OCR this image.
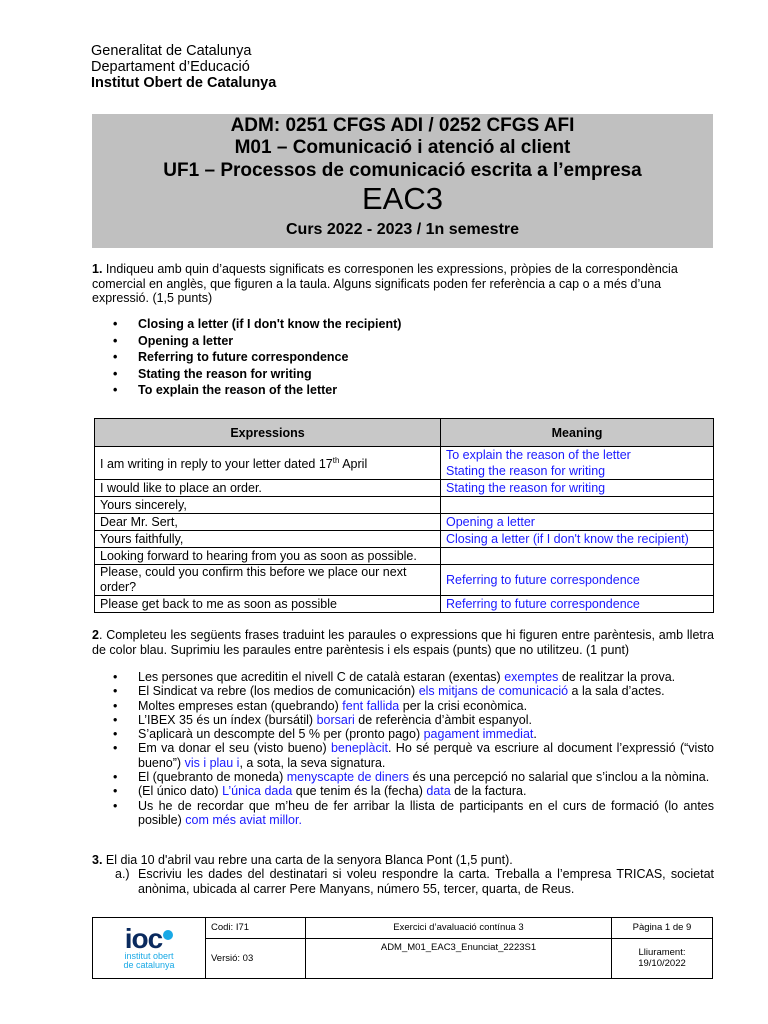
Generalitat de Catalunya
Departament d’Educació
Institut Obert de Catalunya
ADM: 0251 CFGS ADI / 0252 CFGS AFI
M01 – Comunicació i atenció al client
UF1 – Processos de comunicació escrita a l’empresa
EAC3
Curs 2022 - 2023 / 1n semestre
1. Indiqueu amb quin d’aquests significats es corresponen les expressions, pròpies de la correspondència comercial en anglès, que figuren a la taula. Alguns significats poden fer referència a cap o a més d’una expressió. (1,5 punts)
• Closing a letter (if I don't know the recipient)
• Opening a letter
• Referring to future correspondence
• Stating the reason for writing
• To explain the reason of the letter
Expressions	Meaning
I am writing in reply to your letter dated 17th April	To explain the reason of the letter
Stating the reason for writing

I would like to place an order.	Stating the reason for writing
Yours sincerely,	
Dear Mr. Sert,	Opening a letter
Yours faithfully,	Closing a letter (if I don't know the recipient)
Looking forward to hearing from you as soon as possible.	
Please, could you confirm this before we place our next order?	Referring to future correspondence
Please get back to me as soon as possible	Referring to future correspondence
2. Completeu les següents frases traduint les paraules o expressions que hi figuren entre parèntesis, amb lletra de color blau. Suprimiu les paraules entre parèntesis i els espais (punts) que no utilitzeu. (1 punt)
• Les persones que acreditin el nivell C de català estaran (exentas) exemptes de realitzar la prova.
• El Sindicat va rebre (los medios de comunicación) els mitjans de comunicació a la sala d’actes.
• Moltes empreses estan (quebrando) fent fallida per la crisi econòmica.
• L’IBEX 35 és un índex (bursátil) borsari de referència d’àmbit espanyol.
• S’aplicarà un descompte del 5 % per (pronto pago) pagament immediat.
• Em va donar el seu (visto bueno) beneplàcit. Ho sé perquè va escriure al document l’expressió (“visto bueno”) vis i plau i, a sota, la seva signatura.
• El (quebranto de moneda) menyscapte de diners és una percepció no salarial que s’inclou a la nòmina.
• (El único dato) L’única dada que tenim és la (fecha) data de la factura.
• Us he de recordar que m’heu de fer arribar la llista de participants en el curs de formació (lo antes posible) com més aviat millor.
3. El dia 10 d'abril vau rebre una carta de la senyora Blanca Pont (1,5 punt).
a.) Escriviu les dades del destinatari si voleu respondre la carta. Treballa a l’empresa TRICAS, societat anònima, ubicada al carrer Pere Manyans, número 55, tercer, quarta, de Reus.
ioc
institut obert
de catalunya	Codi: I71	Exercici d’avaluació contínua 3	Pàgina 1 de 9
	Versió: 03	ADM_M01_EAC3_Enunciat_2223S1	Lliurament:
19/10/2022
